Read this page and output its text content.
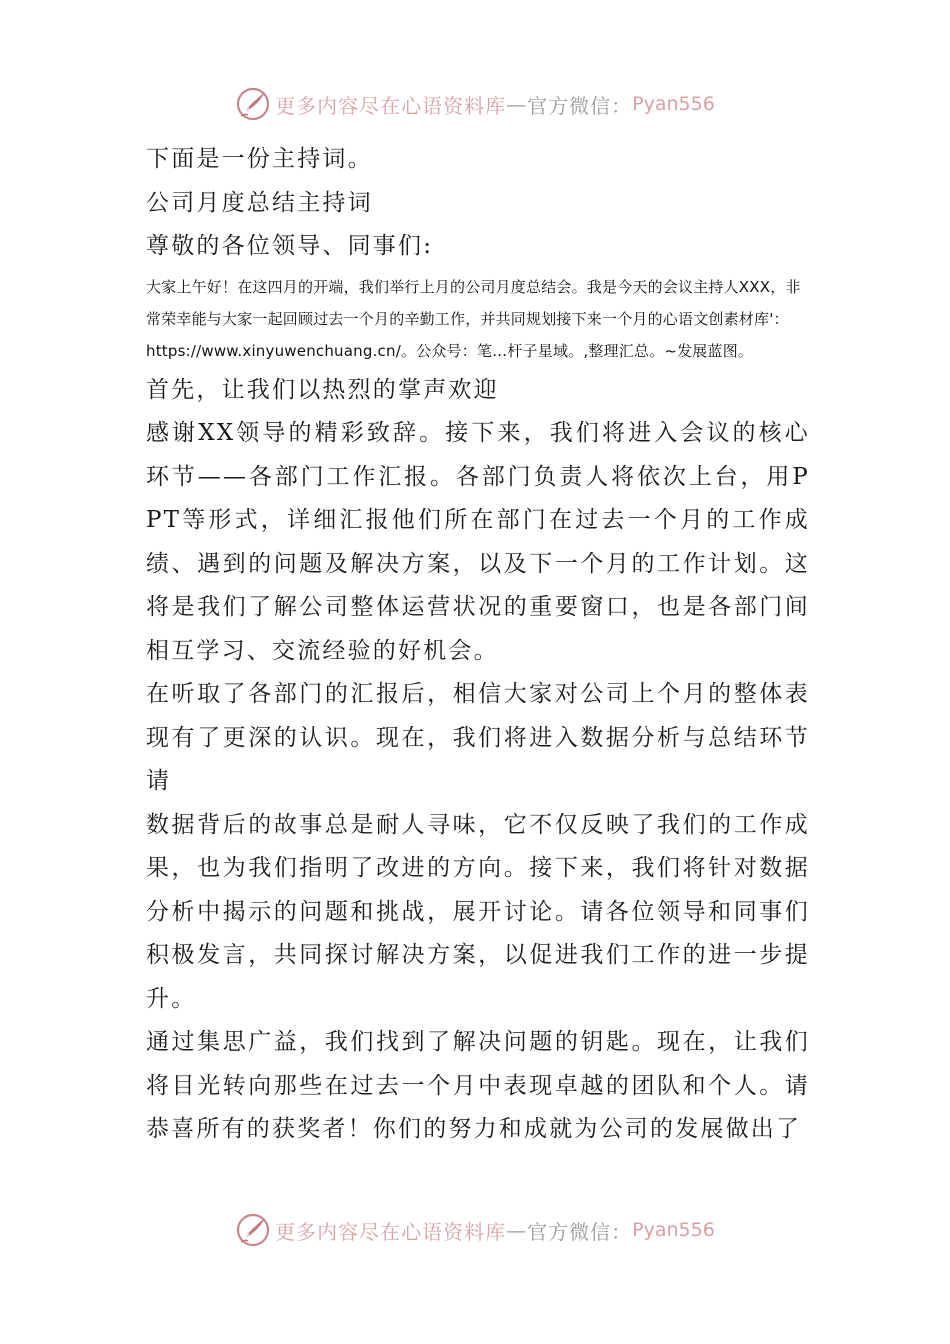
更多内容尽在心语资料库 — 官方微信： Pyan556

下面是一份主持词。

公司月度总结主持词

尊敬的各位领导、同事们:

大家上午好！在这四月的开端，我们举行上月的公司月度总结会。我是今天的会议主持人XXX，非常荣幸能与大家一起回顾过去一个月的辛勤工作，并共同规划接下来一个月的心语文创素材库'：https://www.xinyuwenchuang.cn/。公众号：笔…杆子星域。,整理汇总。~发展蓝图。

首先，让我们以热烈的掌声欢迎

感谢XX领导的精彩致辞。接下来，我们将进入会议的核心环节——各部门工作汇报。各部门负责人将依次上台，用PPT等形式，详细汇报他们所在部门在过去一个月的工作成绩、遇到的问题及解决方案，以及下一个月的工作计划。这将是我们了解公司整体运营状况的重要窗口，也是各部门间相互学习、交流经验的好机会。

在听取了各部门的汇报后，相信大家对公司上个月的整体表现有了更深的认识。现在，我们将进入数据分析与总结环节请

数据背后的故事总是耐人寻味，它不仅反映了我们的工作成果，也为我们指明了改进的方向。接下来，我们将针对数据分析中揭示的问题和挑战，展开讨论。请各位领导和同事们积极发言，共同探讨解决方案，以促进我们工作的进一步提升。

通过集思广益，我们找到了解决问题的钥匙。现在，让我们将目光转向那些在过去一个月中表现卓越的团队和个人。请恭喜所有的获奖者！你们的努力和成就为公司的发展做出了

更多内容尽在心语资料库 — 官方微信： Pyan556
